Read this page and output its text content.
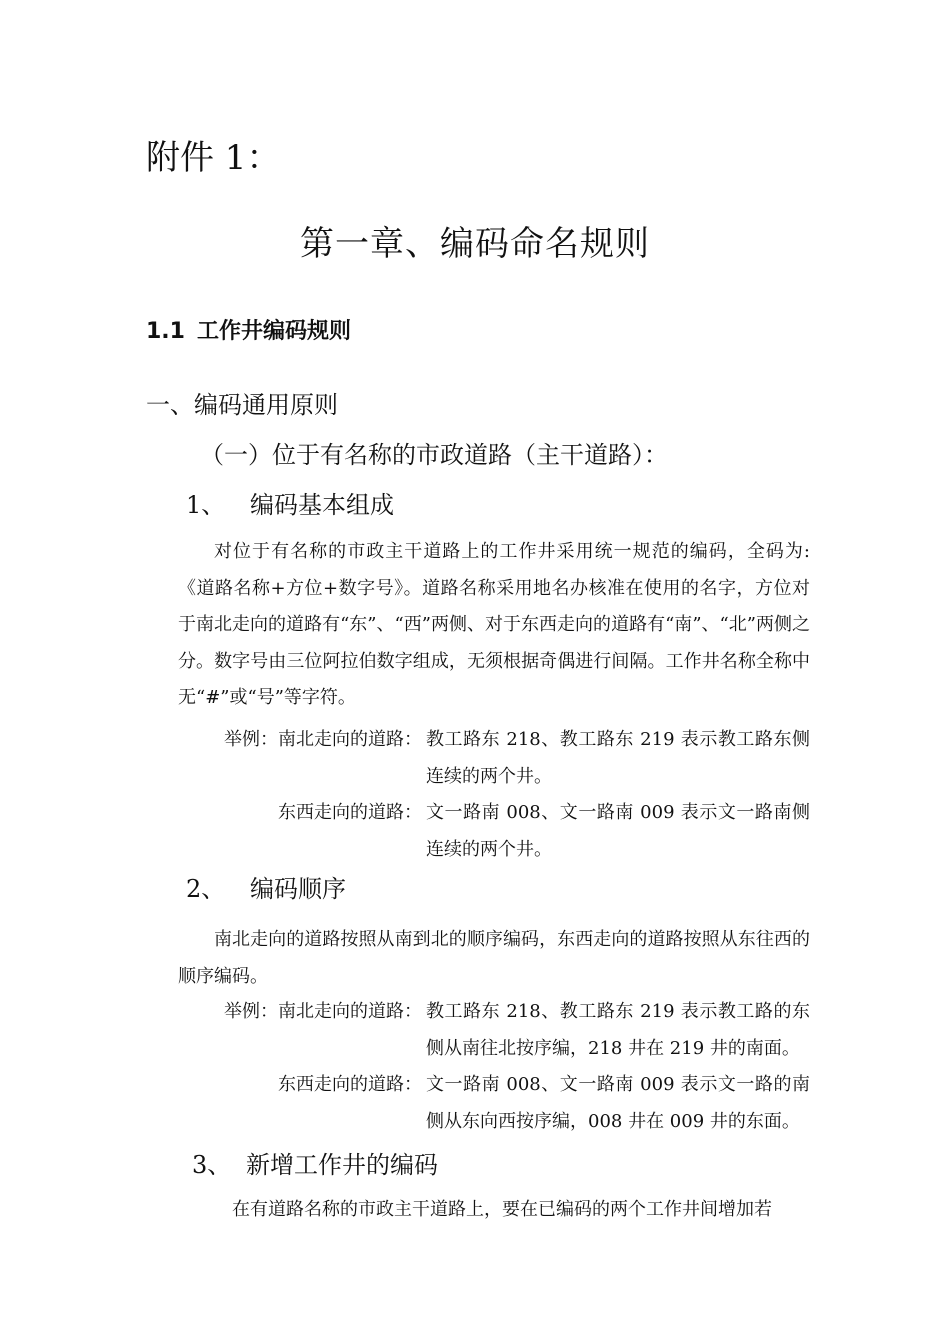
附件 1：
第一章、编码命名规则
1.1 工作井编码规则
一、编码通用原则
（一）位于有名称的市政道路（主干道路）：
1、 编码基本组成

对位于有名称的市政主干道路上的工作井采用统一规范的编码，全码为:《道路名称+方位+数字号》。道路名称采用地名办核准在使用的名字，方位对于南北走向的道路有“东”、“西”两侧、对于东西走向的道路有“南”、“北”两侧之分。数字号由三位阿拉伯数字组成，无须根据奇偶进行间隔。工作井名称全称中无“#”或“号”等字符。

举例：南北走向的道路： 教工路东 218、教工路东 219 表示教工路东侧连续的两个井。
东西走向的道路： 文一路南 008、文一路南 009 表示文一路南侧连续的两个井。
2、 编码顺序

南北走向的道路按照从南到北的顺序编码，东西走向的道路按照从东往西的顺序编码。

举例：南北走向的道路： 教工路东 218、教工路东 219 表示教工路的东侧从南往北按序编，218 井在 219 井的南面。
东西走向的道路： 文一路南 008、文一路南 009 表示文一路的南侧从东向西按序编，008 井在 009 井的东面。
3、 新增工作井的编码

在有道路名称的市政主干道路上，要在已编码的两个工作井间增加若
